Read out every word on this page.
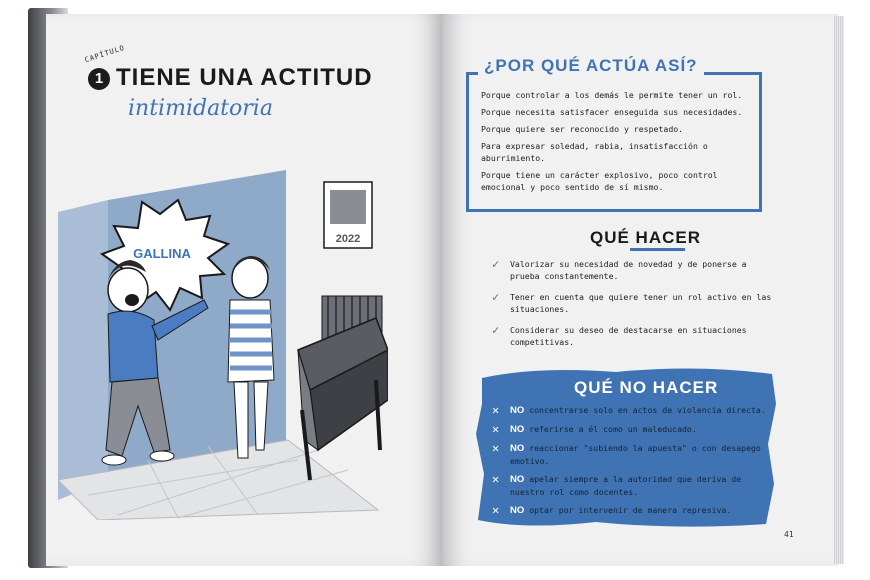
CAPÍTULO
1 TIENE UNA ACTITUD
intimidatoria
GALLINA
2022

Porque controlar a los demás le permite tener un rol.

Porque necesita satisfacer enseguida sus necesidades.

Porque quiere ser reconocido y respetado.

Para expresar soledad, rabia, insatisfacción o aburrimiento.

Porque tiene un carácter explosivo, poco control emocional y poco sentido de sí mismo.

¿POR QUÉ ACTÚA ASÍ?
QUÉ HACER
✓ Valorizar su necesidad de novedad y de ponerse a prueba constantemente.
✓ Tener en cuenta que quiere tener un rol activo en las situaciones.
✓ Considerar su deseo de destacarse en situaciones competitivas.
QUÉ NO HACER
✕ NO concentrarse solo en actos de violencia directa.
✕ NO referirse a él como un maleducado.
✕ NO reaccionar "subiendo la apuesta" o con desapego emotivo.
✕ NO apelar siempre a la autoridad que deriva de nuestro rol como docentes.
✕ NO optar por intervenir de manera represiva.
41
